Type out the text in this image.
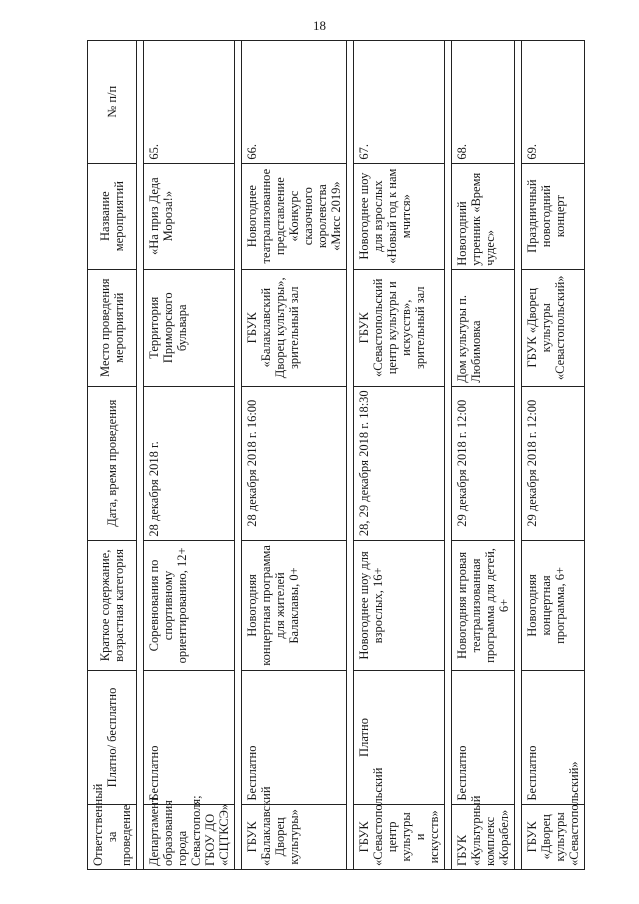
18
Ответственный за проведение	Платно/ бесплатно	Краткое содержание, возрастная категория	Дата, время проведения	Место проведения мероприятий	Название мероприятий	№ п/п

Департамент образования города Севастополя; ГБОУ ДО «СЦТКСЭ»	Бесплатно	Соревнования по спортивному ориентированию, 12+	28 декабря 2018 г.	Территория Приморского бульвара	«На приз Деда Мороза!»	65.

ГБУК «Балаклавский Дворец культуры»	Бесплатно	Новогодняя концертная программа для жителей Балаклавы, 0+	28 декабря 2018 г. 16:00	ГБУК «Балаклавский Дворец культуры», зрительный зал	Новогоднее театрализованное представление «Конкурс сказочного королевства «Мисс 2019»	66.

ГБУК «Севастопольский центр культуры и искусств»	Платно	Новогоднее шоу для взрослых, 16+	28, 29 декабря 2018 г. 18:30	ГБУК «Севастопольский центр культуры и искусств», зрительный зал	Новогоднее шоу для взрослых «Новый год к нам мчится»	67.

ГБУК «Культурный комплекс «Корабел»	Бесплатно	Новогодняя игровая театрализованная программа для детей, 6+	29 декабря 2018 г. 12:00	Дом культуры п. Любимовка	Новогодний утренник «Время чудес»	68.

ГБУК «Дворец культуры «Севастопольский»	Бесплатно	Новогодняя концертная программа, 6+	29 декабря 2018 г. 12:00	ГБУК «Дворец культуры «Севастопольский»	Праздничный новогодний концерт	69.
